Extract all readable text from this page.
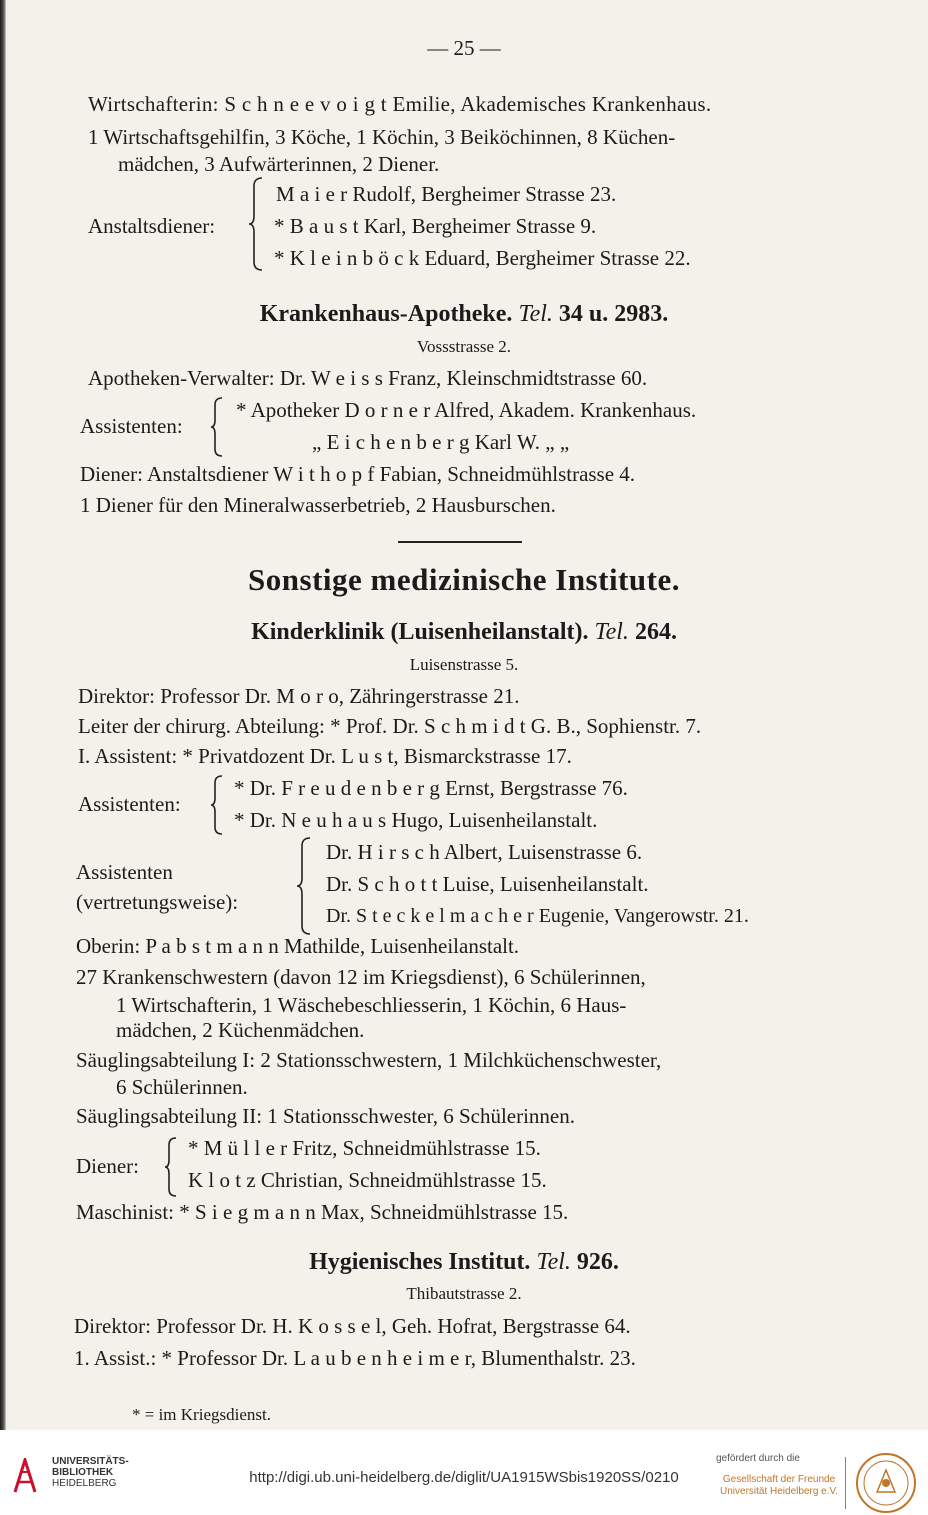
— 25 —
Wirtschafterin: S c h n e e v o i g t Emilie, Akademisches Krankenhaus.
1 Wirtschaftsgehilfin, 3 Köche, 1 Köchin, 3 Beiköchinnen, 8 Küchen-
mädchen, 3 Aufwärterinnen, 2 Diener.
Anstaltsdiener:
M a i e r Rudolf, Bergheimer Strasse 23.
* B a u s t Karl, Bergheimer Strasse 9.
* K l e i n b ö c k Eduard, Bergheimer Strasse 22.
Krankenhaus-Apotheke. Tel. 34 u. 2983.
Vossstrasse 2.
Apotheken-Verwalter: Dr. W e i s s Franz, Kleinschmidtstrasse 60.
Assistenten:
* Apotheker D o r n e r Alfred, Akadem. Krankenhaus.
„ E i c h e n b e r g Karl W. „ „
Diener: Anstaltsdiener W i t h o p f Fabian, Schneidmühlstrasse 4.
1 Diener für den Mineralwasserbetrieb, 2 Hausburschen.
Sonstige medizinische Institute.
Kinderklinik (Luisenheilanstalt). Tel. 264.
Luisenstrasse 5.
Direktor: Professor Dr. M o r o, Zähringerstrasse 21.
Leiter der chirurg. Abteilung: * Prof. Dr. S c h m i d t G. B., Sophienstr. 7.
I. Assistent: * Privatdozent Dr. L u s t, Bismarckstrasse 17.
Assistenten:
* Dr. F r e u d e n b e r g Ernst, Bergstrasse 76.
* Dr. N e u h a u s Hugo, Luisenheilanstalt.
Assistenten
(vertretungsweise):
Dr. H i r s c h Albert, Luisenstrasse 6.
Dr. S c h o t t Luise, Luisenheilanstalt.
Dr. S t e c k e l m a c h e r Eugenie, Vangerowstr. 21.
Oberin: P a b s t m a n n Mathilde, Luisenheilanstalt.
27 Krankenschwestern (davon 12 im Kriegsdienst), 6 Schülerinnen,
1 Wirtschafterin, 1 Wäschebeschliesserin, 1 Köchin, 6 Haus-
mädchen, 2 Küchenmädchen.
Säuglingsabteilung I: 2 Stationsschwestern, 1 Milchküchenschwester,
6 Schülerinnen.
Säuglingsabteilung II: 1 Stationsschwester, 6 Schülerinnen.
Diener:
* M ü l l e r Fritz, Schneidmühlstrasse 15.
K l o t z Christian, Schneidmühlstrasse 15.
Maschinist: * S i e g m a n n Max, Schneidmühlstrasse 15.
Hygienisches Institut. Tel. 926.
Thibautstrasse 2.
Direktor: Professor Dr. H. K o s s e l, Geh. Hofrat, Bergstrasse 64.
1. Assist.: * Professor Dr. L a u b e n h e i m e r, Blumenthalstr. 23.
* = im Kriegsdienst.
UNIVERSITÄTS-
BIBLIOTHEK
HEIDELBERG	http://digi.ub.uni-heidelberg.de/diglit/UA1915WSbis1920SS/0210
gefördert durch die
Gesellschaft der Freunde
Universität Heidelberg e.V.
